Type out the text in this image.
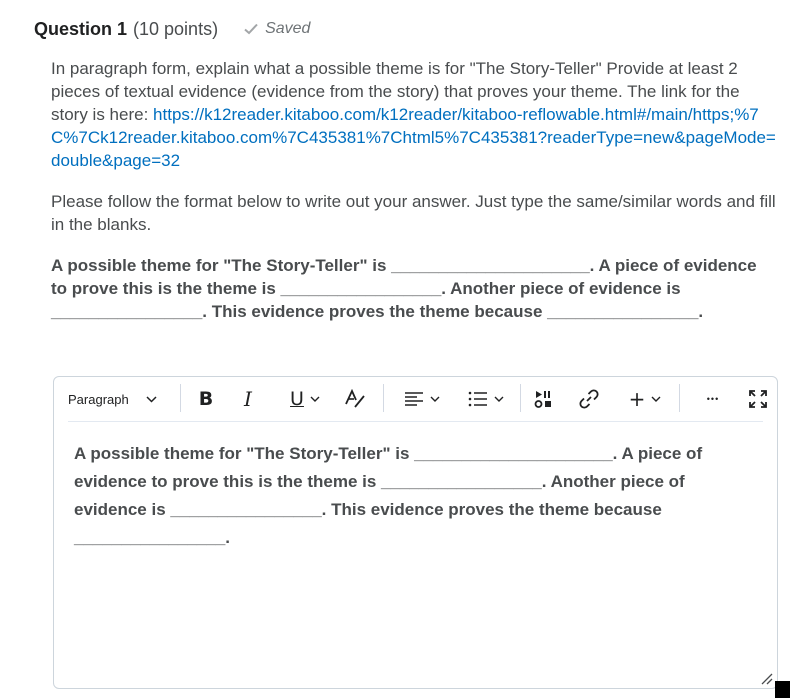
Question 1 (10 points)	Saved

In paragraph form, explain what a possible theme is for "The Story-Teller" Provide at least 2 pieces of textual evidence (evidence from the story) that proves your theme. The link for the story is here: https://k12reader.kitaboo.com/k12reader/kitaboo-reflowable.html#/main/https;%7C%7Ck12reader.kitaboo.com%7C435381%7Chtml5%7C435381?readerType=new&pageMode=double&page=32

Please follow the format below to write out your answer. Just type the same/similar words and fill in the blanks.

A possible theme for "The Story-Teller" is _____________________. A piece of evidence to prove this is the theme is _________________. Another piece of evidence is ________________. This evidence proves the theme because ________________.

Paragraph	B	I	U	+	•••
A possible theme for "The Story-Teller" is _____________________. A piece of evidence to prove this is the theme is _________________. Another piece of evidence is ________________. This evidence proves the theme because ________________.
